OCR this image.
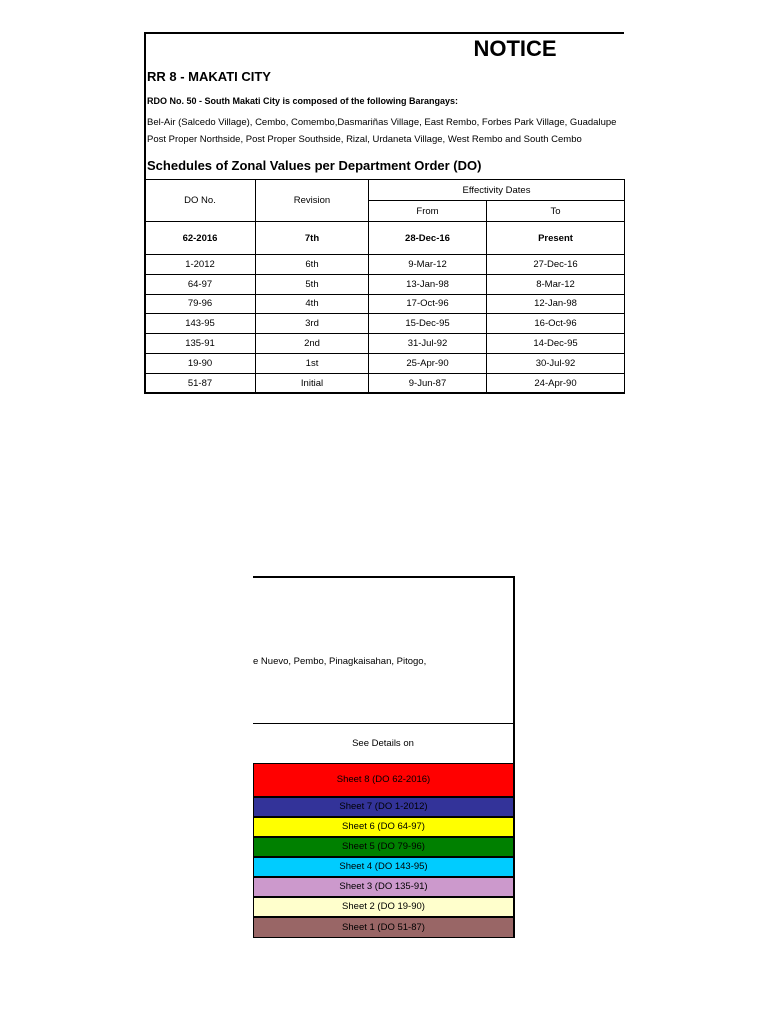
NOTICE
RR 8 - MAKATI CITY
RDO No. 50 - South Makati City is composed of the following Barangays:
Bel-Air (Salcedo Village), Cembo, Comembo,Dasmariñas Village, East Rembo, Forbes Park Village, Guadalupe
Post Proper Northside, Post Proper Southside, Rizal, Urdaneta Village, West Rembo and South Cembo
Schedules of Zonal Values per Department Order (DO)
DO No.	Revision	Effectivity Dates	
		From	To
62-2016	7th	28-Dec-16	Present
1-2012	6th	9-Mar-12	27-Dec-16
64-97	5th	13-Jan-98	8-Mar-12
79-96	4th	17-Oct-96	12-Jan-98
143-95	3rd	15-Dec-95	16-Oct-96
135-91	2nd	31-Jul-92	14-Dec-95
19-90	1st	25-Apr-90	30-Jul-92
51-87	Initial	9-Jun-87	24-Apr-90
e Nuevo, Pembo, Pinagkaisahan, Pitogo,
See Details on
Sheet 8 (DO 62-2016)
Sheet 7 (DO 1-2012)
Sheet 6 (DO 64-97)
Sheet 5 (DO 79-96)
Sheet 4 (DO 143-95)
Sheet 3 (DO 135-91)
Sheet 2 (DO 19-90)
Sheet 1 (DO 51-87)
